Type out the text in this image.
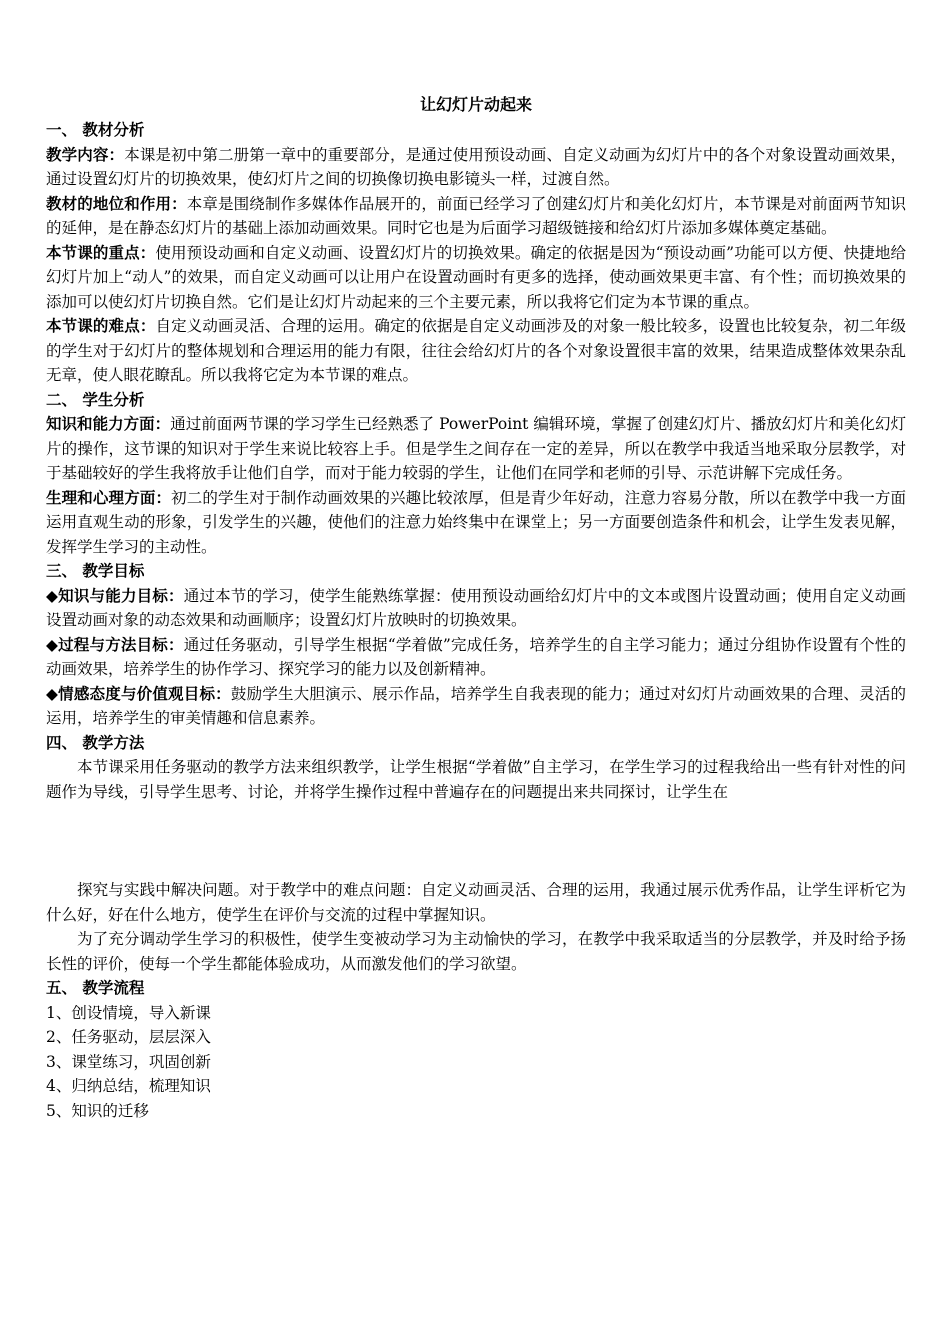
让幻灯片动起来
一、 教材分析

教学内容：本课是初中第二册第一章中的重要部分，是通过使用预设动画、自定义动画为幻灯片中的各个对象设置动画效果，通过设置幻灯片的切换效果，使幻灯片之间的切换像切换电影镜头一样，过渡自然。

教材的地位和作用：本章是围绕制作多媒体作品展开的，前面已经学习了创建幻灯片和美化幻灯片，本节课是对前面两节知识的延伸，是在静态幻灯片的基础上添加动画效果。同时它也是为后面学习超级链接和给幻灯片添加多媒体奠定基础。

本节课的重点：使用预设动画和自定义动画、设置幻灯片的切换效果。确定的依据是因为“预设动画”功能可以方便、快捷地给幻灯片加上“动人”的效果，而自定义动画可以让用户在设置动画时有更多的选择，使动画效果更丰富、有个性；而切换效果的添加可以使幻灯片切换自然。它们是让幻灯片动起来的三个主要元素，所以我将它们定为本节课的重点。

本节课的难点：自定义动画灵活、合理的运用。确定的依据是自定义动画涉及的对象一般比较多，设置也比较复杂，初二年级的学生对于幻灯片的整体规划和合理运用的能力有限，往往会给幻灯片的各个对象设置很丰富的效果，结果造成整体效果杂乱无章，使人眼花瞭乱。所以我将它定为本节课的难点。

二、 学生分析

知识和能力方面：通过前面两节课的学习学生已经熟悉了 PowerPoint 编辑环境，掌握了创建幻灯片、播放幻灯片和美化幻灯片的操作，这节课的知识对于学生来说比较容上手。但是学生之间存在一定的差异，所以在教学中我适当地采取分层教学，对于基础较好的学生我将放手让他们自学，而对于能力较弱的学生，让他们在同学和老师的引导、示范讲解下完成任务。

生理和心理方面：初二的学生对于制作动画效果的兴趣比较浓厚，但是青少年好动，注意力容易分散，所以在教学中我一方面运用直观生动的形象，引发学生的兴趣，使他们的注意力始终集中在课堂上；另一方面要创造条件和机会，让学生发表见解，发挥学生学习的主动性。

三、 教学目标

◆知识与能力目标：通过本节的学习，使学生能熟练掌握：使用预设动画给幻灯片中的文本或图片设置动画；使用自定义动画设置动画对象的动态效果和动画顺序；设置幻灯片放映时的切换效果。

◆过程与方法目标：通过任务驱动，引导学生根据“学着做”完成任务，培养学生的自主学习能力；通过分组协作设置有个性的动画效果，培养学生的协作学习、探究学习的能力以及创新精神。

◆情感态度与价值观目标：鼓励学生大胆演示、展示作品，培养学生自我表现的能力；通过对幻灯片动画效果的合理、灵活的运用，培养学生的审美情趣和信息素养。

四、 教学方法

本节课采用任务驱动的教学方法来组织教学，让学生根据“学着做”自主学习，在学生学习的过程我给出一些有针对性的问题作为导线，引导学生思考、讨论，并将学生操作过程中普遍存在的问题提出来共同探讨，让学生在

探究与实践中解决问题。对于教学中的难点问题：自定义动画灵活、合理的运用，我通过展示优秀作品，让学生评析它为什么好，好在什么地方，使学生在评价与交流的过程中掌握知识。

为了充分调动学生学习的积极性，使学生变被动学习为主动愉快的学习，在教学中我采取适当的分层教学，并及时给予扬长性的评价，使每一个学生都能体验成功，从而激发他们的学习欲望。

五、 教学流程
1、创设情境，导入新课
2、任务驱动，层层深入
3、课堂练习，巩固创新
4、归纳总结，梳理知识
5、知识的迁移
